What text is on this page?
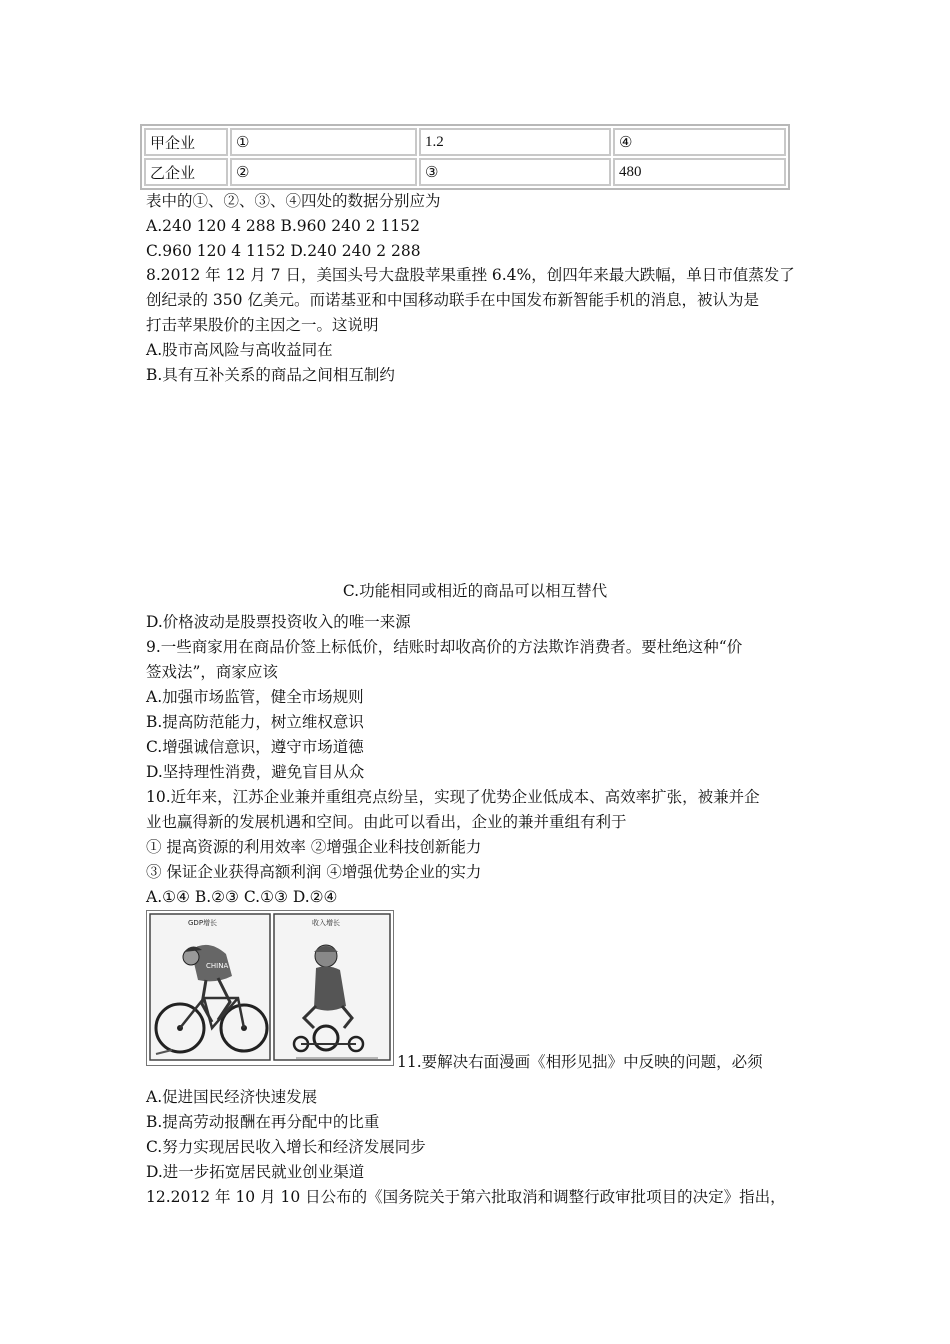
甲企业	①	1.2	④
乙企业	②	③	480
表中的①、②、③、④四处的数据分别应为
A.240 120 4 288 B.960 240 2 1152
C.960 120 4 1152 D.240 240 2 288
8.2012 年 12 月 7 日，美国头号大盘股苹果重挫 6.4%，创四年来最大跌幅，单日市值蒸发了
创纪录的 350 亿美元。而诺基亚和中国移动联手在中国发布新智能手机的消息，被认为是
打击苹果股价的主因之一。这说明
A.股市高风险与高收益同在
B.具有互补关系的商品之间相互制约
C.功能相同或相近的商品可以相互替代
D.价格波动是股票投资收入的唯一来源
9.一些商家用在商品价签上标低价，结账时却收高价的方法欺诈消费者。要杜绝这种“价
签戏法”，商家应该
A.加强市场监管，健全市场规则
B.提高防范能力，树立维权意识
C.增强诚信意识，遵守市场道德
D.坚持理性消费，避免盲目从众
10.近年来，江苏企业兼并重组亮点纷呈，实现了优势企业低成本、高效率扩张，被兼并企
业也赢得新的发展机遇和空间。由此可以看出，企业的兼并重组有利于
① 提高资源的利用效率 ②增强企业科技创新能力
③ 保证企业获得高额利润 ④增强优势企业的实力
A.①④ B.②③ C.①③ D.②④
GDP增长
CHINA
收入增长
11.要解决右面漫画《相形见拙》中反映的问题，必须
A.促进国民经济快速发展
B.提高劳动报酬在再分配中的比重
C.努力实现居民收入增长和经济发展同步
D.进一步拓宽居民就业创业渠道
12.2012 年 10 月 10 日公布的《国务院关于第六批取消和调整行政审批项目的决定》指出，
